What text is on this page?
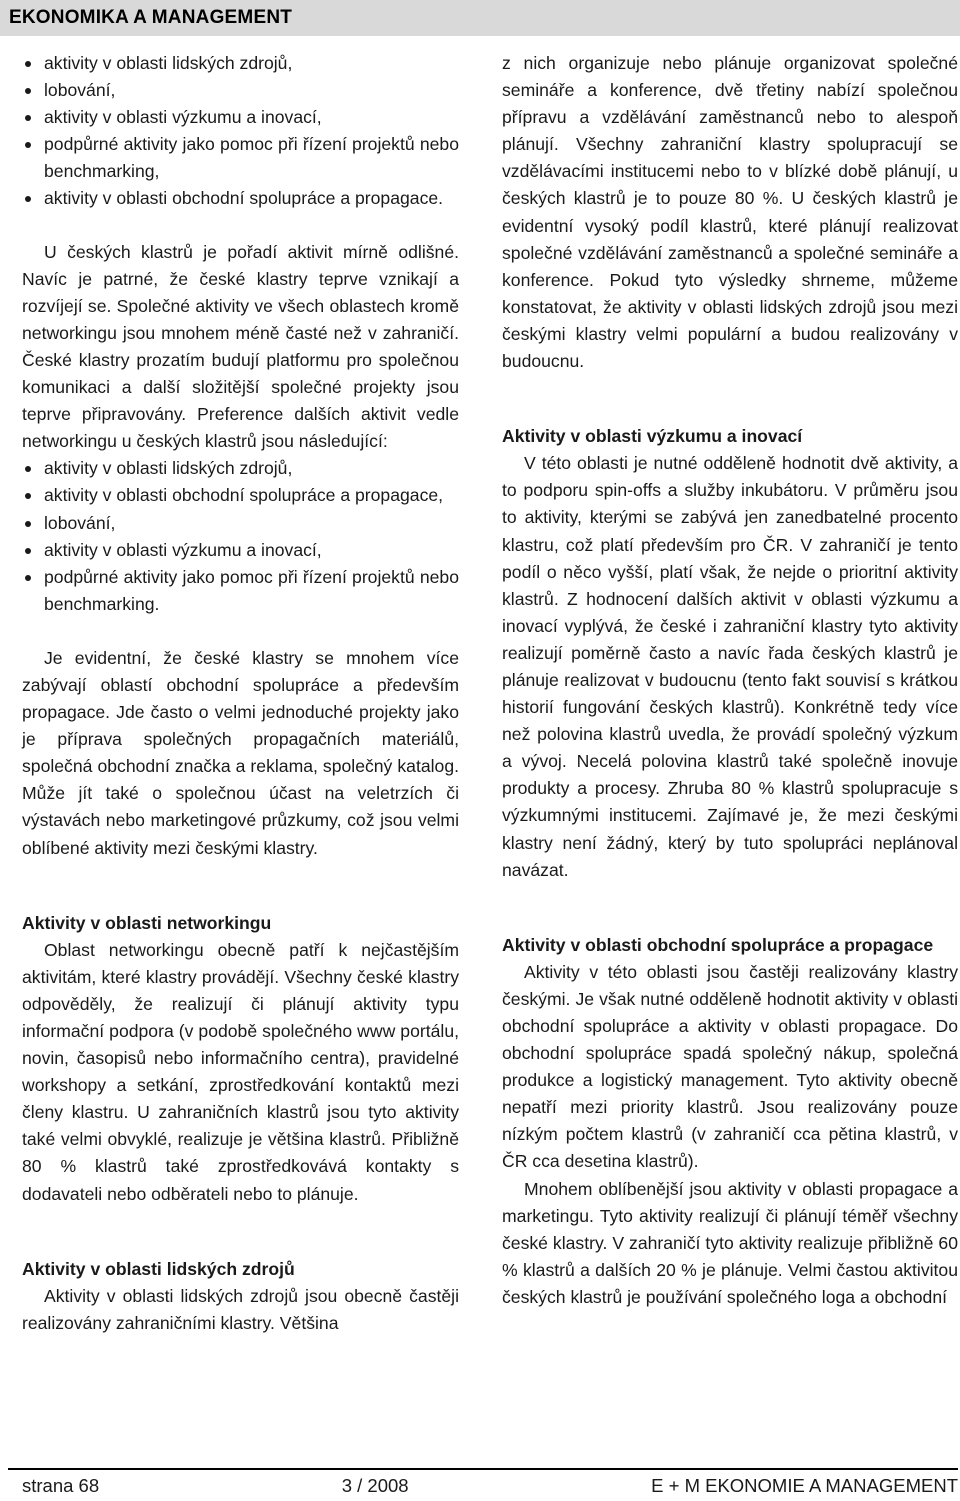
EKONOMIKA A MANAGEMENT
aktivity v oblasti lidských zdrojů,
lobování,
aktivity v oblasti výzkumu a inovací,
podpůrné aktivity jako pomoc při řízení projektů nebo benchmarking,
aktivity v oblasti obchodní spolupráce a propagace.

U českých klastrů je pořadí aktivit mírně odlišné. Navíc je patrné, že české klastry teprve vznikají a rozvíjejí se. Společné aktivity ve všech oblastech kromě networkingu jsou mnohem méně časté než v zahraničí. České klastry prozatím budují platformu pro společnou komunikaci a další složitější společné projekty jsou teprve připravovány. Preference dalších aktivit vedle networkingu u českých klastrů jsou následující:

aktivity v oblasti lidských zdrojů,
aktivity v oblasti obchodní spolupráce a propagace,
lobování,
aktivity v oblasti výzkumu a inovací,
podpůrné aktivity jako pomoc při řízení projektů nebo benchmarking.

Je evidentní, že české klastry se mnohem více zabývají oblastí obchodní spolupráce a především propagace. Jde často o velmi jednoduché projekty jako je příprava společných propagačních materiálů, společná obchodní značka a reklama, společný katalog. Může jít také o společnou účast na veletrzích či výstavách nebo marketingové průzkumy, což jsou velmi oblíbené aktivity mezi českými klastry.

Aktivity v oblasti networkingu

Oblast networkingu obecně patří k nejčastějším aktivitám, které klastry provádějí. Všechny české klastry odpověděly, že realizují či plánují aktivity typu informační podpora (v podobě společného www portálu, novin, časopisů nebo informačního centra), pravidelné workshopy a setkání, zprostředkování kontaktů mezi členy klastru. U zahraničních klastrů jsou tyto aktivity také velmi obvyklé, realizuje je většina klastrů. Přibližně 80 % klastrů také zprostředkovává kontakty s dodavateli nebo odběrateli nebo to plánuje.

Aktivity v oblasti lidských zdrojů

Aktivity v oblasti lidských zdrojů jsou obecně častěji realizovány zahraničními klastry. Většina

z nich organizuje nebo plánuje organizovat společné semináře a konference, dvě třetiny nabízí společnou přípravu a vzdělávání zaměstnanců nebo to alespoň plánují. Všechny zahraniční klastry spolupracují se vzdělávacími institucemi nebo to v blízké době plánují, u českých klastrů je to pouze 80 %. U českých klastrů je evidentní vysoký podíl klastrů, které plánují realizovat společné vzdělávání zaměstnanců a společné semináře a konference. Pokud tyto výsledky shrneme, můžeme konstatovat, že aktivity v oblasti lidských zdrojů jsou mezi českými klastry velmi populární a budou realizovány v budoucnu.

Aktivity v oblasti výzkumu a inovací

V této oblasti je nutné odděleně hodnotit dvě aktivity, a to podporu spin-offs a služby inkubátoru. V průměru jsou to aktivity, kterými se zabývá jen zanedbatelné procento klastru, což platí především pro ČR. V zahraničí je tento podíl o něco vyšší, platí však, že nejde o prioritní aktivity klastrů. Z hodnocení dalších aktivit v oblasti výzkumu a inovací vyplývá, že české i zahraniční klastry tyto aktivity realizují poměrně často a navíc řada českých klastrů je plánuje realizovat v budoucnu (tento fakt souvisí s krátkou historií fungování českých klastrů). Konkrétně tedy více než polovina klastrů uvedla, že provádí společný výzkum a vývoj. Necelá polovina klastrů také společně inovuje produkty a procesy. Zhruba 80 % klastrů spolupracuje s výzkumnými institucemi. Zajímavé je, že mezi českými klastry není žádný, který by tuto spolupráci neplánoval navázat.

Aktivity v oblasti obchodní spolupráce a propagace

Aktivity v této oblasti jsou častěji realizovány klastry českými. Je však nutné odděleně hodnotit aktivity v oblasti obchodní spolupráce a aktivity v oblasti propagace. Do obchodní spolupráce spadá společný nákup, společná produkce a logistický management. Tyto aktivity obecně nepatří mezi priority klastrů. Jsou realizovány pouze nízkým počtem klastrů (v zahraničí cca pětina klastrů, v ČR cca desetina klastrů).

Mnohem oblíbenější jsou aktivity v oblasti propagace a marketingu. Tyto aktivity realizují či plánují téměř všechny české klastry. V zahraničí tyto aktivity realizuje přibližně 60 % klastrů a dalších 20 % je plánuje. Velmi častou aktivitou českých klastrů je používání společného loga a obchodní

strana 68	3 / 2008	E + M EKONOMIE A MANAGEMENT
